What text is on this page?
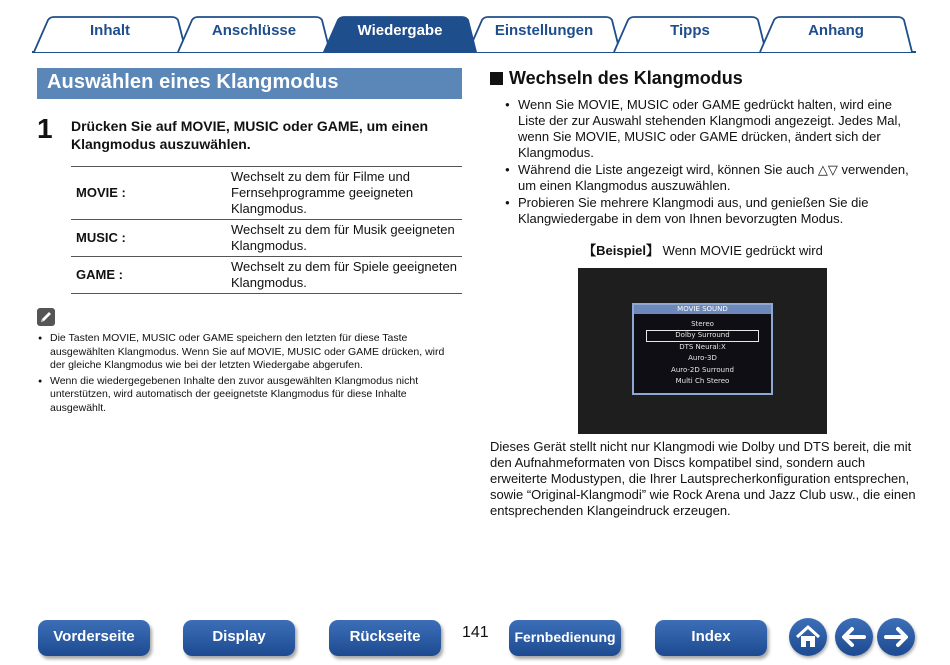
Inhalt	Anschlüsse	Wiedergabe	Einstellungen	Tipps	Anhang
Auswählen eines Klangmodus
1 Drücken Sie auf MOVIE, MUSIC oder GAME, um einen Klangmodus auszuwählen.
MOVIE :	Wechselt zu dem für Filme und Fernsehprogramme geeigneten Klangmodus.
MUSIC :	Wechselt zu dem für Musik geeigneten Klangmodus.
GAME :	Wechselt zu dem für Spiele geeigneten Klangmodus.
● Die Tasten MOVIE, MUSIC oder GAME speichern den letzten für diese Taste ausgewählten Klangmodus. Wenn Sie auf MOVIE, MUSIC oder GAME drücken, wird der gleiche Klangmodus wie bei der letzten Wiedergabe abgerufen.
● Wenn die wiedergegebenen Inhalte den zuvor ausgewählten Klangmodus nicht unterstützen, wird automatisch der geeignetste Klangmodus für diese Inhalte ausgewählt.
Wechseln des Klangmodus
● Wenn Sie MOVIE, MUSIC oder GAME gedrückt halten, wird eine Liste der zur Auswahl stehenden Klangmodi angezeigt. Jedes Mal, wenn Sie MOVIE, MUSIC oder GAME drücken, ändert sich der Klangmodus.
● Während die Liste angezeigt wird, können Sie auch △▽ verwenden, um einen Klangmodus auszuwählen.
● Probieren Sie mehrere Klangmodi aus, und genießen Sie die Klangwiedergabe in dem von Ihnen bevorzugten Modus.
【Beispiel】 Wenn MOVIE gedrückt wird
MOVIE SOUND
Stereo
Dolby Surround
DTS Neural:X
Auro-3D
Auro-2D Surround
Multi Ch Stereo
Dieses Gerät stellt nicht nur Klangmodi wie Dolby und DTS bereit, die mit den Aufnahmeformaten von Discs kompatibel sind, sondern auch erweiterte Modustypen, die Ihrer Lautsprecherkonfiguration entsprechen, sowie “Original-Klangmodi” wie Rock Arena und Jazz Club usw., die einen entsprechenden Klangeindruck erzeugen.
Vorderseite	Display	Rückseite	141	Fernbedienung	Index
